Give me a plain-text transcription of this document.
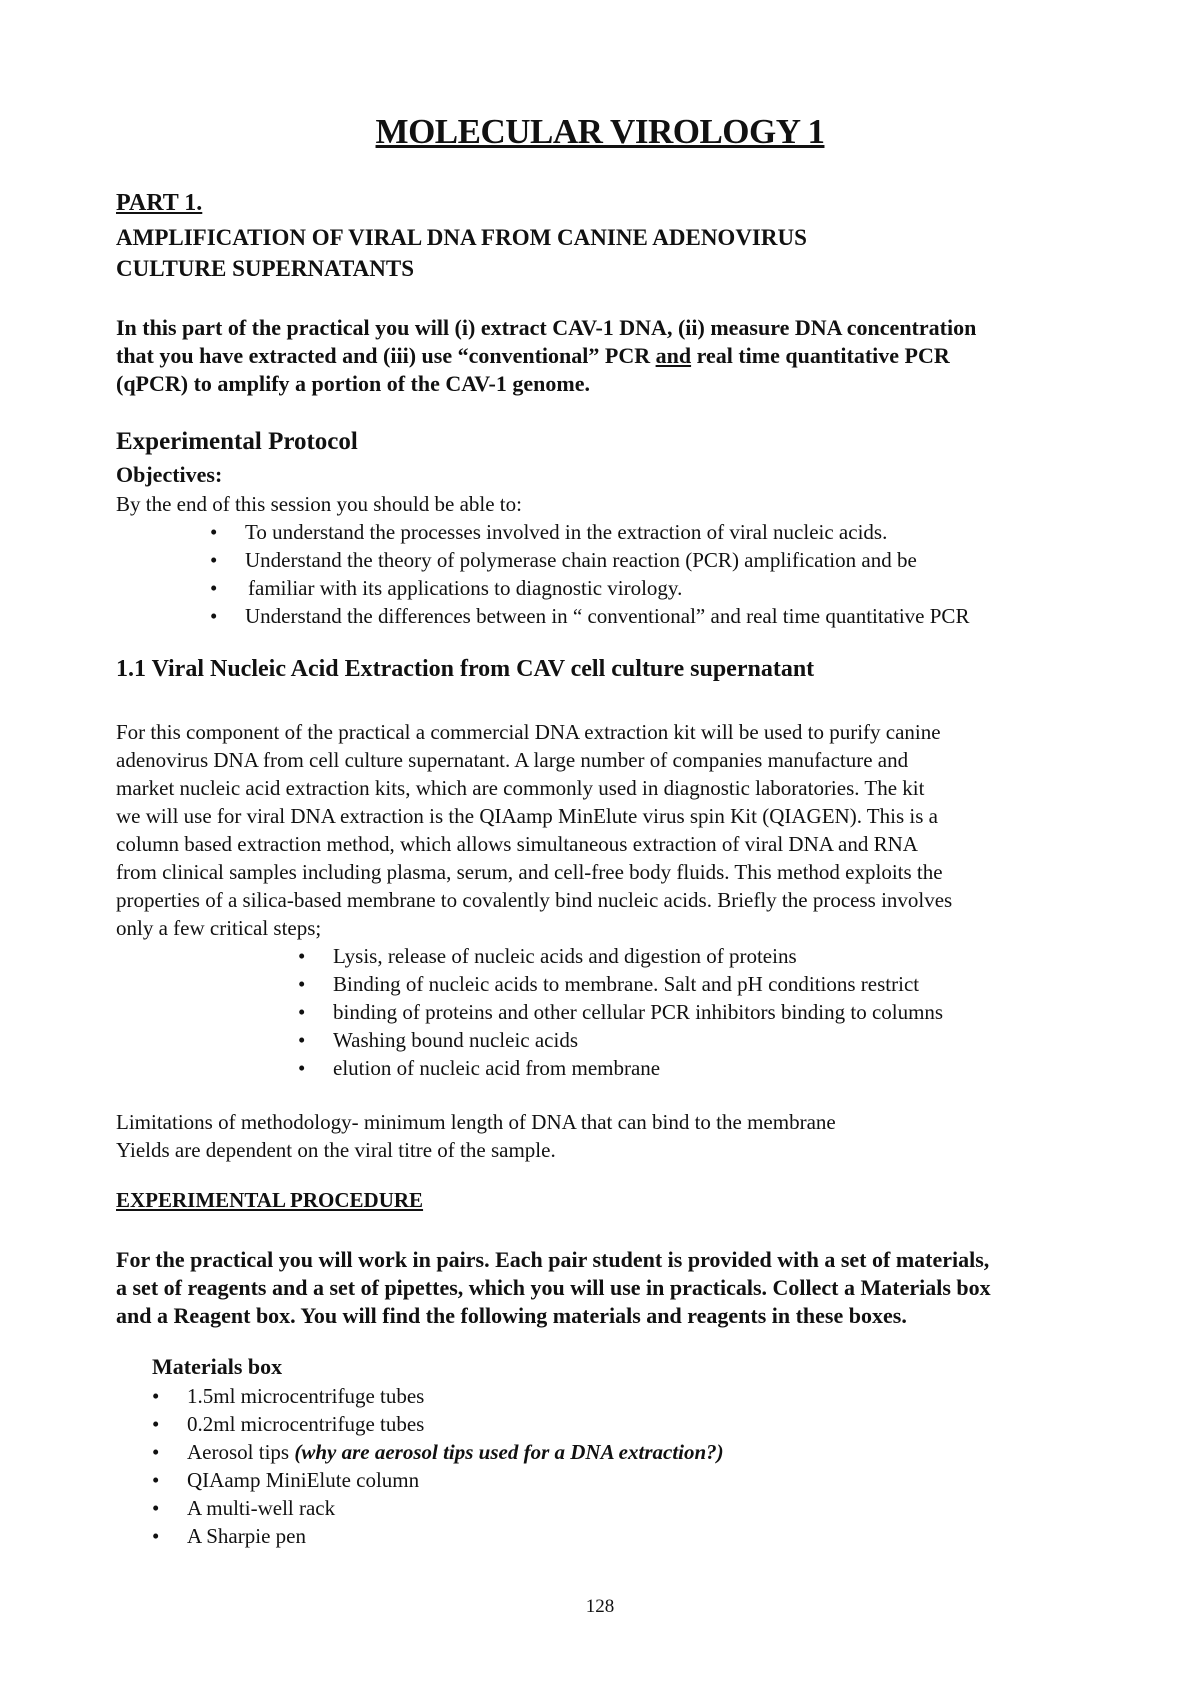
MOLECULAR VIROLOGY 1
PART 1.
AMPLIFICATION OF VIRAL DNA FROM CANINE ADENOVIRUS
CULTURE SUPERNATANTS
In this part of the practical you will (i) extract CAV-1 DNA, (ii) measure DNA concentration
that you have extracted and (iii) use “conventional” PCR and real time quantitative PCR
(qPCR) to amplify a portion of the CAV-1 genome.
Experimental Protocol
Objectives:
By the end of this session you should be able to:
• To understand the processes involved in the extraction of viral nucleic acids.
• Understand the theory of polymerase chain reaction (PCR) amplification and be
• familiar with its applications to diagnostic virology.
• Understand the differences between in “ conventional” and real time quantitative PCR
1.1 Viral Nucleic Acid Extraction from CAV cell culture supernatant
For this component of the practical a commercial DNA extraction kit will be used to purify canine
adenovirus DNA from cell culture supernatant. A large number of companies manufacture and
market nucleic acid extraction kits, which are commonly used in diagnostic laboratories. The kit
we will use for viral DNA extraction is the QIAamp MinElute virus spin Kit (QIAGEN). This is a
column based extraction method, which allows simultaneous extraction of viral DNA and RNA
from clinical samples including plasma, serum, and cell-free body fluids. This method exploits the
properties of a silica-based membrane to covalently bind nucleic acids. Briefly the process involves
only a few critical steps;
• Lysis, release of nucleic acids and digestion of proteins
• Binding of nucleic acids to membrane. Salt and pH conditions restrict
• binding of proteins and other cellular PCR inhibitors binding to columns
• Washing bound nucleic acids
• elution of nucleic acid from membrane
Limitations of methodology- minimum length of DNA that can bind to the membrane
Yields are dependent on the viral titre of the sample.
EXPERIMENTAL PROCEDURE
For the practical you will work in pairs. Each pair student is provided with a set of materials,
a set of reagents and a set of pipettes, which you will use in practicals. Collect a Materials box
and a Reagent box. You will find the following materials and reagents in these boxes.
Materials box
• 1.5ml microcentrifuge tubes
• 0.2ml microcentrifuge tubes
• Aerosol tips (why are aerosol tips used for a DNA extraction?)
• QIAamp MiniElute column
• A multi-well rack
• A Sharpie pen
128
